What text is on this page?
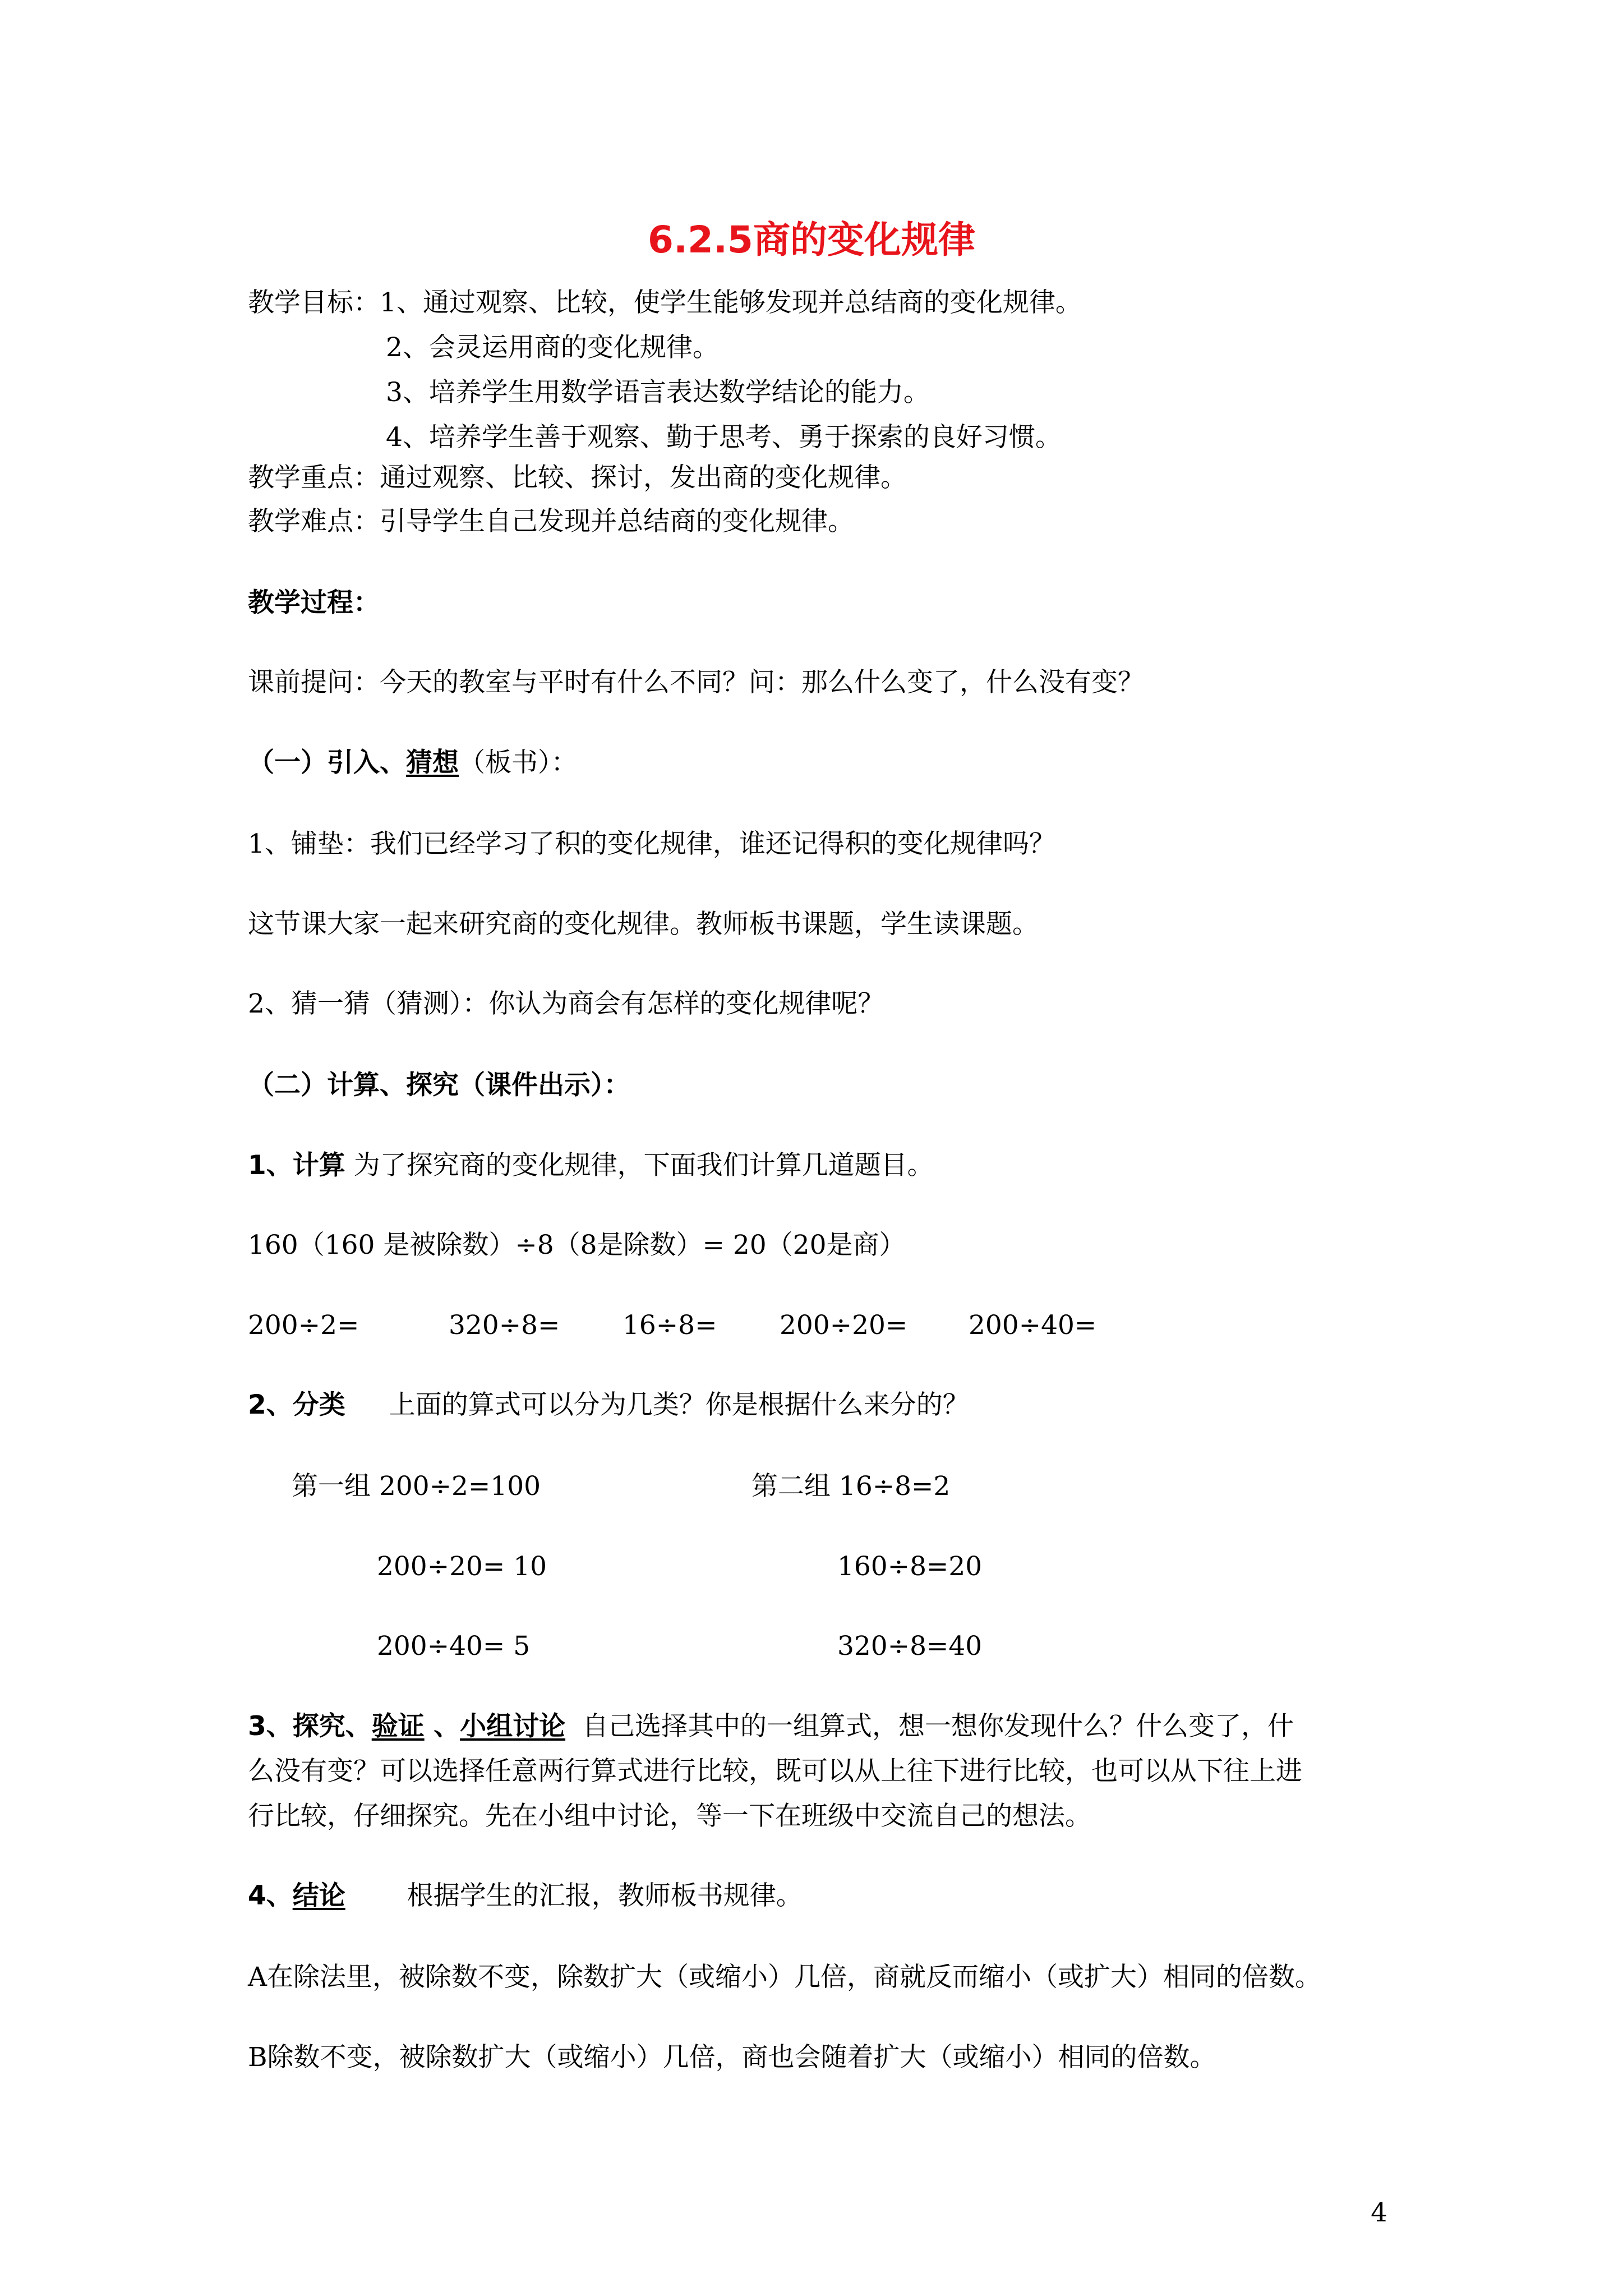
6.2.5商的变化规律
教学目标：1、通过观察、比较，使学生能够发现并总结商的变化规律。
2、会灵运用商的变化规律。
3、培养学生用数学语言表达数学结论的能力。
4、培养学生善于观察、勤于思考、勇于探索的良好习惯。
教学重点：通过观察、比较、探讨，发出商的变化规律。
教学难点：引导学生自己发现并总结商的变化规律。
教学过程：
课前提问：今天的教室与平时有什么不同？问：那么什么变了，什么没有变？
（一）引入、猜想（板书）：
1、铺垫：我们已经学习了积的变化规律，谁还记得积的变化规律吗？
这节课大家一起来研究商的变化规律。教师板书课题，学生读课题。
2、猜一猜（猜测）：你认为商会有怎样的变化规律呢？
（二）计算、探究（课件出示）：
1、计算 为了探究商的变化规律，下面我们计算几道题目。
160（160 是被除数）÷8（8是除数）= 20（20是商）
200÷2=	320÷8= 16÷8= 200÷20= 200÷40=
2、分类 上面的算式可以分为几类？你是根据什么来分的？
第一组 200÷2=100
200÷20= 10
200÷40= 5
第二组 16÷8=2
160÷8=20
320÷8=40
3、探究、验证 、小组讨论  自己选择其中的一组算式，想一想你发现什么？什么变了，什
么没有变？可以选择任意两行算式进行比较，既可以从上往下进行比较，也可以从下往上进
行比较，仔细探究。先在小组中讨论，等一下在班级中交流自己的想法。
4、结论 根据学生的汇报，教师板书规律。
A在除法里，被除数不变，除数扩大（或缩小）几倍，商就反而缩小（或扩大）相同的倍数。
B除数不变，被除数扩大（或缩小）几倍，商也会随着扩大（或缩小）相同的倍数。
4
